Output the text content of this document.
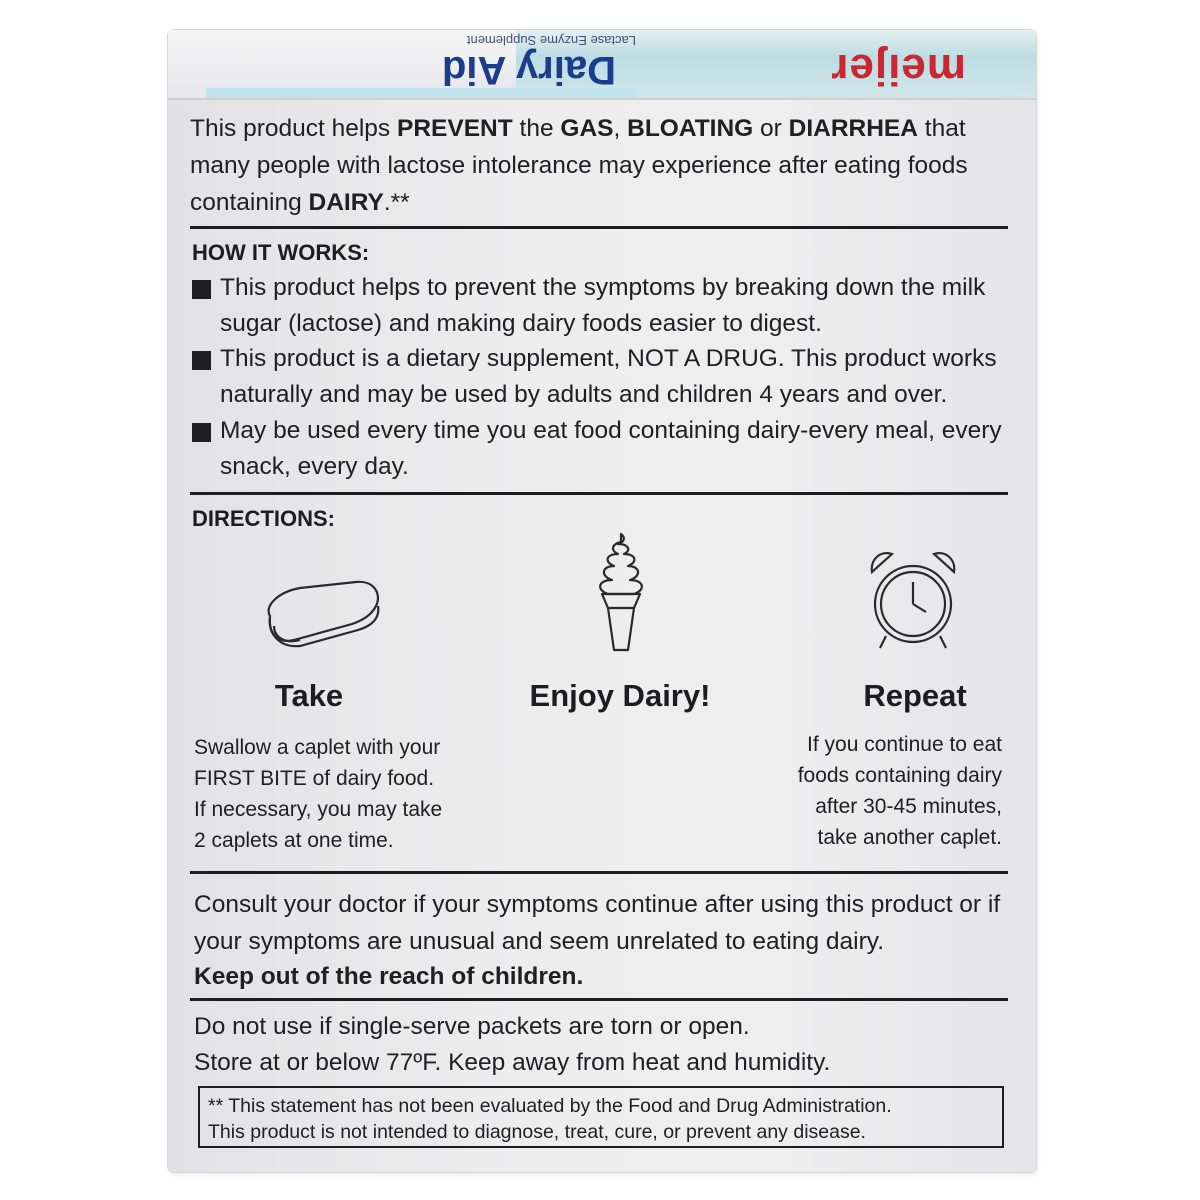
meijer
Dairy Aid
Lactase Enzyme Supplement
This product helps PREVENT the GAS, BLOATING or DIARRHEA that many people with lactose intolerance may experience after eating foods containing DAIRY.**
HOW IT WORKS:
This product helps to prevent the symptoms by breaking down the milk sugar (lactose) and making dairy foods easier to digest.
This product is a dietary supplement, NOT A DRUG. This product works naturally and may be used by adults and children 4 years and over.
May be used every time you eat food containing dairy-every meal, every snack, every day.
DIRECTIONS:
Take	Enjoy Dairy!	Repeat
Swallow a caplet with your
FIRST BITE of dairy food.
If necessary, you may take
2 caplets at one time.
If you continue to eat
foods containing dairy
after 30-45 minutes,
take another caplet.
Consult your doctor if your symptoms continue after using this product or if your symptoms are unusual and seem unrelated to eating dairy.
Keep out of the reach of children.
Do not use if single-serve packets are torn or open.
Store at or below 77ºF. Keep away from heat and humidity.
** This statement has not been evaluated by the Food and Drug Administration.
This product is not intended to diagnose, treat, cure, or prevent any disease.
